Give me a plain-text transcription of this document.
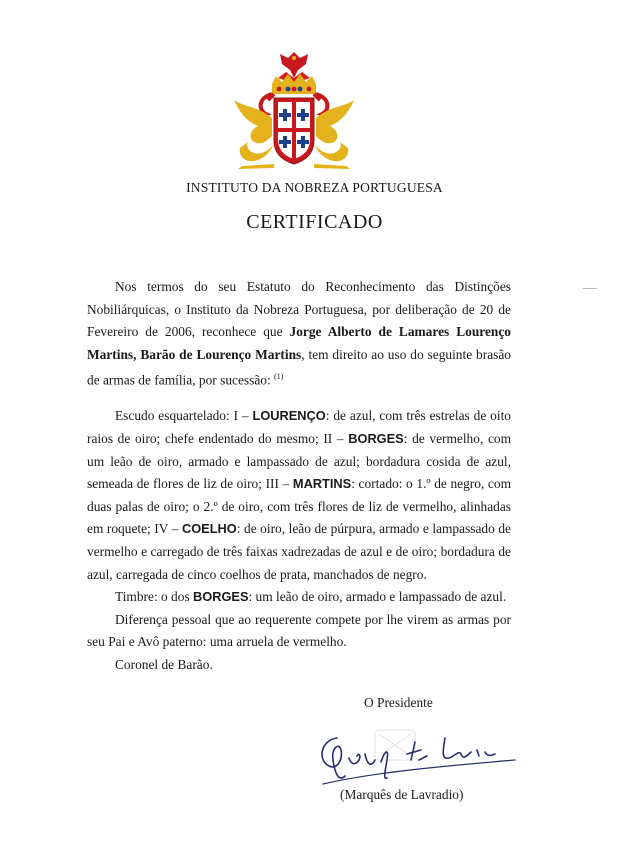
INSTITUTO DA NOBREZA PORTUGUESA
CERTIFICADO

Nos termos do seu Estatuto do Reconhecimento das Distinções Nobiliárquicas, o Instituto da Nobreza Portuguesa, por deliberação de 20 de Fevereiro de 2006, reconhece que Jorge Alberto de Lamares Lourenço Martins, Barão de Lourenço Martins, tem direito ao uso do seguinte brasão de armas de família, por sucessão: $^{(1)}$

Escudo esquartelado: I – LOURENÇO: de azul, com três estrelas de oito raios de oiro; chefe endentado do mesmo; II – BORGES: de vermelho, com um leão de oiro, armado e lampassado de azul; bordadura cosida de azul, semeada de flores de liz de oiro; III – MARTINS: cortado: o 1.º de negro, com duas palas de oiro; o 2.º de oiro, com três flores de liz de vermelho, alinhadas em roquete; IV – COELHO: de oiro, leão de púrpura, armado e lampassado de vermelho e carregado de três faixas xadrezadas de azul e de oiro; bordadura de azul, carregada de cinco coelhos de prata, manchados de negro.

Timbre: o dos BORGES: um leão de oiro, armado e lampassado de azul.

Diferença pessoal que ao requerente compete por lhe virem as armas por seu Pai e Avô paterno: uma arruela de vermelho.

Coronel de Barão.

O Presidente
(Marquês de Lavradio)
